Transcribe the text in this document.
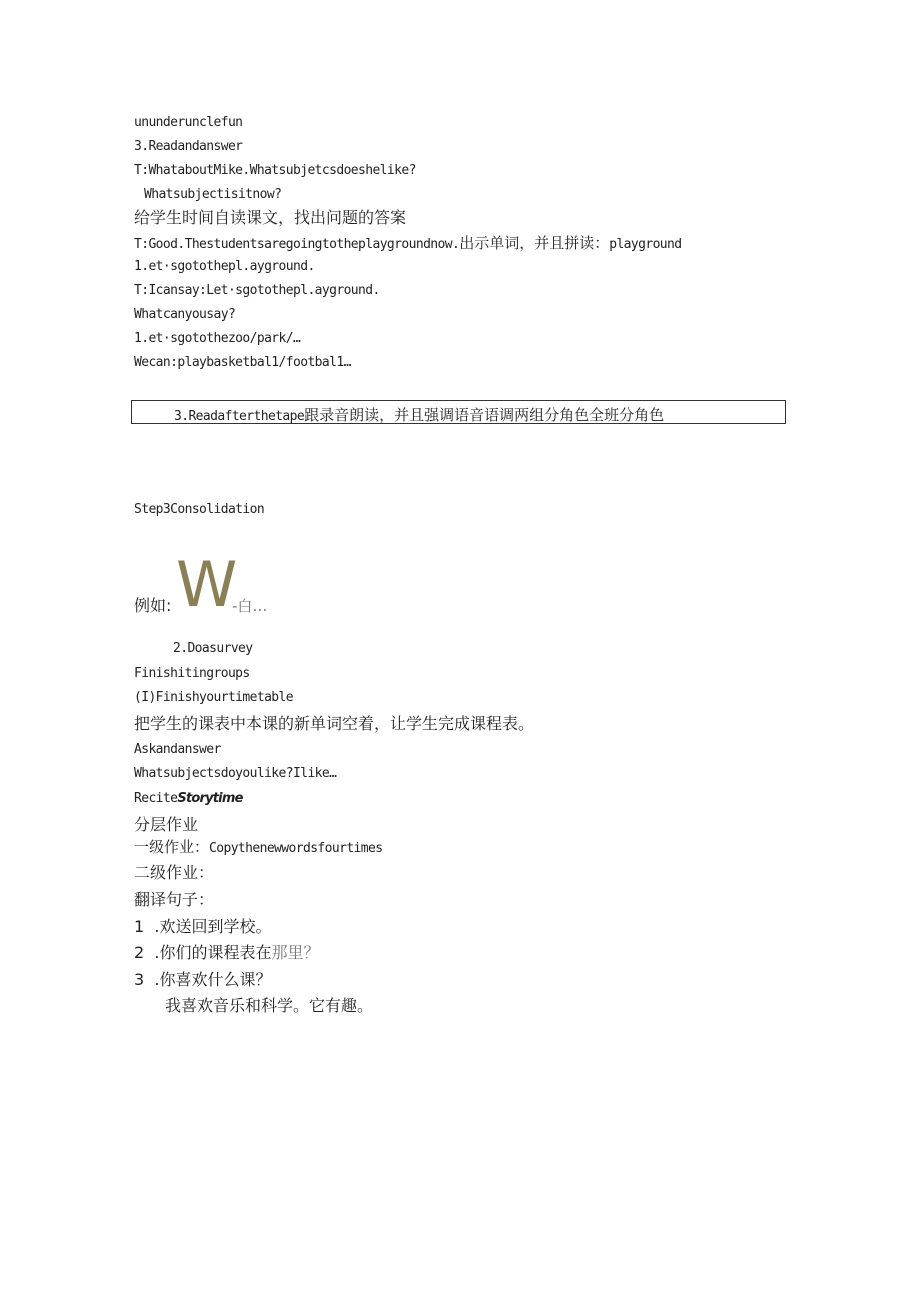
ununderunclefun
3.Readandanswer
T:WhataboutMike.Whatsubjetcsdoeshelike?
Whatsubjectisitnow?
给学生时间自读课文，找出问题的答案
T:Good.Thestudentsaregoingtotheplaygroundnow.出示单词，并且拼读：playground
1.et·sgotothepl.ayground.
T:Icansay:Let·sgotothepl.ayground.
Whatcanyousay?
1.et·sgotothezoo/park/…
Wecan:playbasketbal1/footbal1…
3.Readafterthetape跟录音朗读，并且强调语音语调两组分角色全班分角色
Step3Consolidation
例如: W
-白…
2.Doasurvey
Finishitingroups
(I)Finishyourtimetable
把学生的课表中本课的新单词空着，让学生完成课程表。
Askandanswer
Whatsubjectsdoyoulike?Ilike…
ReciteStorytime
分层作业
一级作业：Copythenewwordsfourtimes
二级作业：
翻译句子：
1 .欢送回到学校。
2 .你们的课程表在那里？
3 .你喜欢什么课？
我喜欢音乐和科学。它有趣。
